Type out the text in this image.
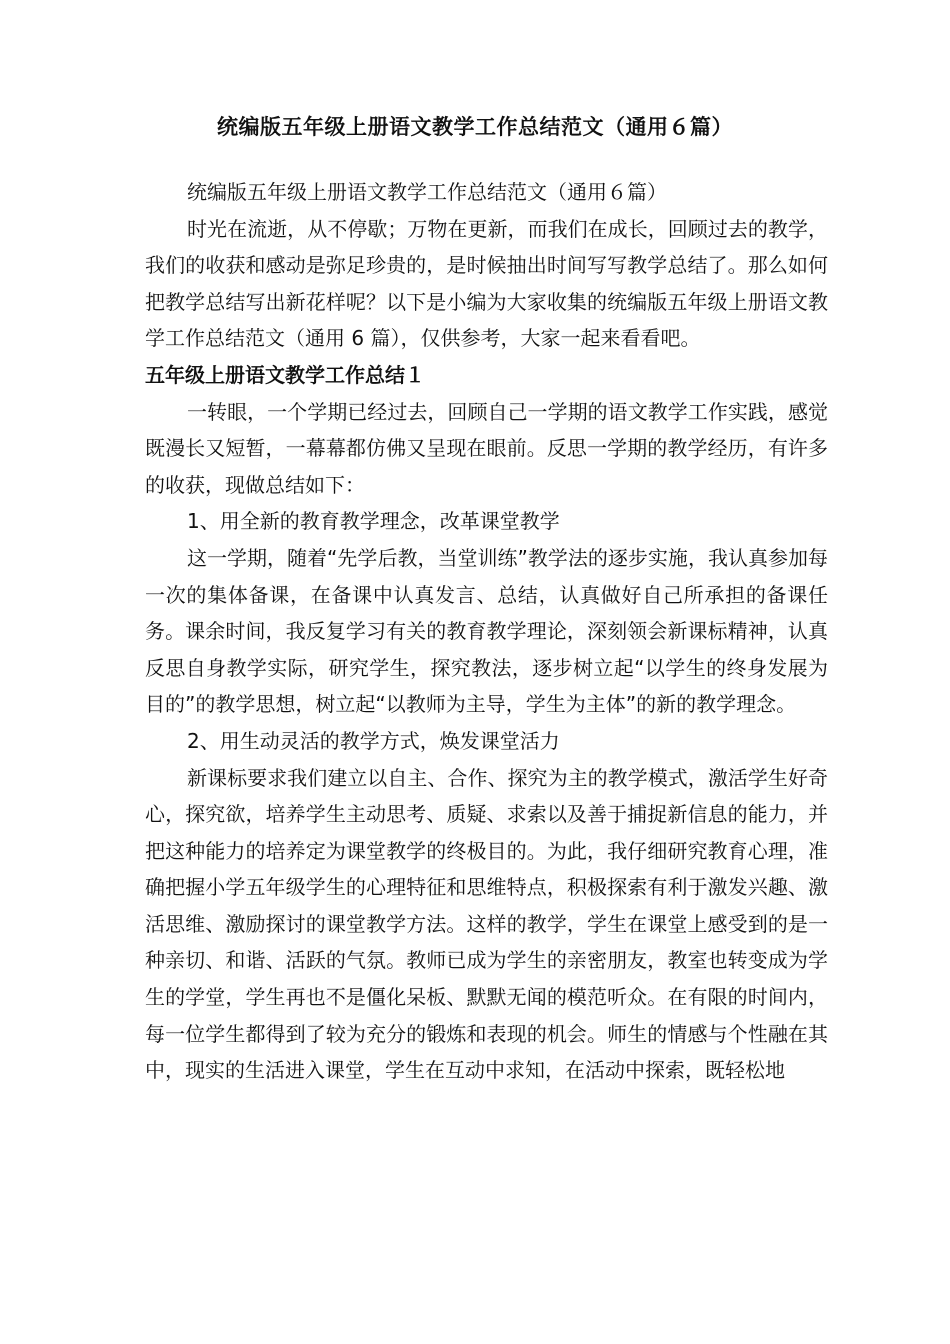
统编版五年级上册语文教学工作总结范文（通用６篇）

统编版五年级上册语文教学工作总结范文（通用６篇）

时光在流逝，从不停歇；万物在更新，而我们在成长，回顾过去的教学，我们的收获和感动是弥足珍贵的，是时候抽出时间写写教学总结了。那么如何把教学总结写出新花样呢？以下是小编为大家收集的统编版五年级上册语文教学工作总结范文（通用 6 篇），仅供参考，大家一起来看看吧。

五年级上册语文教学工作总结１

一转眼，一个学期已经过去，回顾自己一学期的语文教学工作实践，感觉既漫长又短暂，一幕幕都仿佛又呈现在眼前。反思一学期的教学经历，有许多的收获，现做总结如下：

1、用全新的教育教学理念，改革课堂教学

这一学期，随着“先学后教，当堂训练”教学法的逐步实施，我认真参加每一次的集体备课，在备课中认真发言、总结，认真做好自己所承担的备课任务。课余时间，我反复学习有关的教育教学理论，深刻领会新课标精神，认真反思自身教学实际，研究学生，探究教法，逐步树立起“以学生的终身发展为目的”的教学思想，树立起“以教师为主导，学生为主体”的新的教学理念。

2、用生动灵活的教学方式，焕发课堂活力

新课标要求我们建立以自主、合作、探究为主的教学模式，激活学生好奇心，探究欲，培养学生主动思考、质疑、求索以及善于捕捉新信息的能力，并把这种能力的培养定为课堂教学的终极目的。为此，我仔细研究教育心理，准确把握小学五年级学生的心理特征和思维特点，积极探索有利于激发兴趣、激活思维、激励探讨的课堂教学方法。这样的教学，学生在课堂上感受到的是一种亲切、和谐、活跃的气氛。教师已成为学生的亲密朋友，教室也转变成为学生的学堂，学生再也不是僵化呆板、默默无闻的模范听众。在有限的时间内，每一位学生都得到了较为充分的锻炼和表现的机会。师生的情感与个性融在其中，现实的生活进入课堂，学生在互动中求知，在活动中探索，既轻松地
